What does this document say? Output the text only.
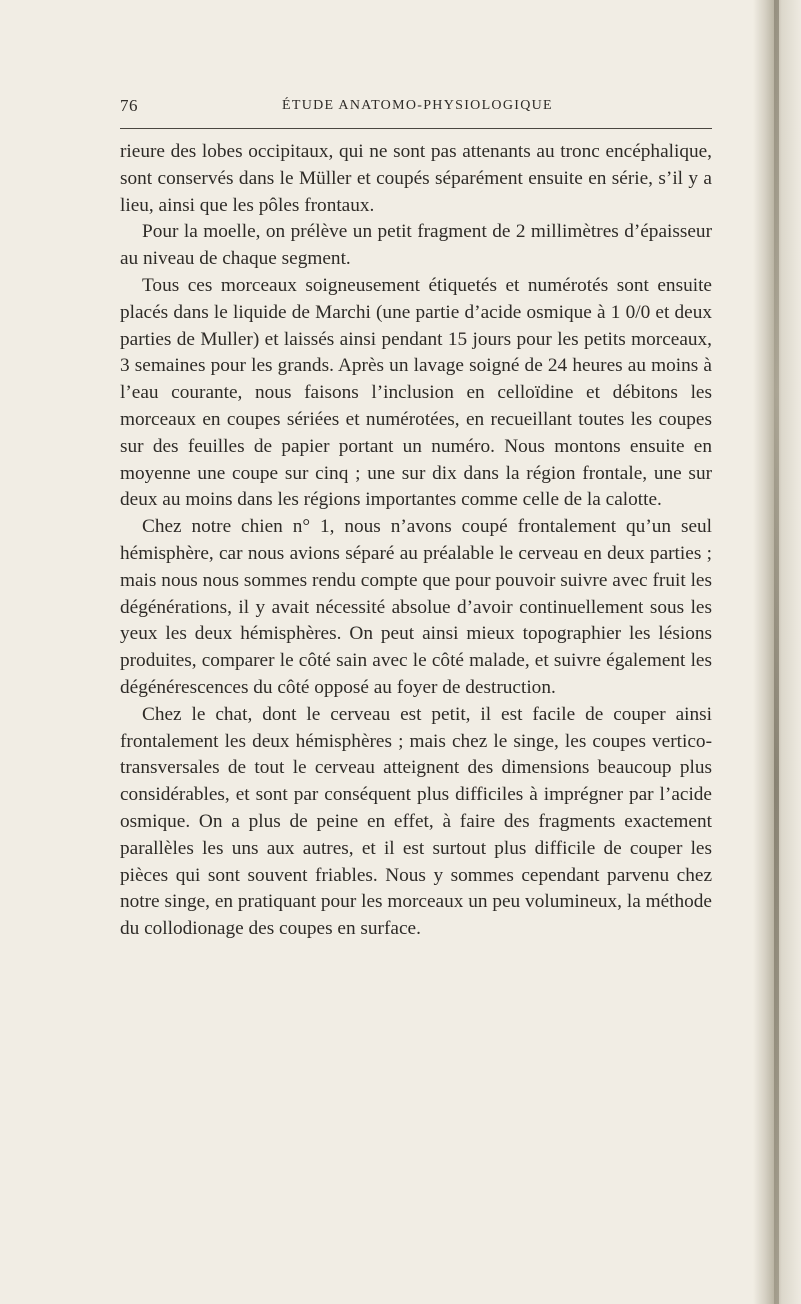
76	ÉTUDE ANATOMO-PHYSIOLOGIQUE

rieure des lobes occipitaux, qui ne sont pas attenants au tronc encéphalique, sont conservés dans le Müller et coupés séparément ensuite en série, s’il y a lieu, ainsi que les pôles frontaux.

Pour la moelle, on prélève un petit fragment de 2 millimètres d’épaisseur au niveau de chaque segment.

Tous ces morceaux soigneusement étiquetés et numérotés sont ensuite placés dans le liquide de Marchi (une partie d’acide osmique à 1 0/0 et deux parties de Muller) et laissés ainsi pendant 15 jours pour les petits morceaux, 3 semaines pour les grands. Après un lavage soigné de 24 heures au moins à l’eau courante, nous faisons l’inclusion en celloïdine et débitons les morceaux en coupes sériées et numérotées, en recueillant toutes les coupes sur des feuilles de papier portant un numéro. Nous montons ensuite en moyenne une coupe sur cinq ; une sur dix dans la région frontale, une sur deux au moins dans les régions importantes comme celle de la calotte.

Chez notre chien n° 1, nous n’avons coupé frontalement qu’un seul hémisphère, car nous avions séparé au préalable le cerveau en deux parties ; mais nous nous sommes rendu compte que pour pouvoir suivre avec fruit les dégénérations, il y avait nécessité absolue d’avoir continuellement sous les yeux les deux hémisphères. On peut ainsi mieux topographier les lésions produites, comparer le côté sain avec le côté malade, et suivre également les dégénérescences du côté opposé au foyer de destruction.

Chez le chat, dont le cerveau est petit, il est facile de couper ainsi frontalement les deux hémisphères ; mais chez le singe, les coupes vertico-transversales de tout le cerveau atteignent des dimensions beaucoup plus considérables, et sont par conséquent plus difficiles à imprégner par l’acide osmique. On a plus de peine en effet, à faire des fragments exactement parallèles les uns aux autres, et il est surtout plus difficile de couper les pièces qui sont souvent friables. Nous y sommes cependant parvenu chez notre singe, en pratiquant pour les morceaux un peu volumineux, la méthode du collodionage des coupes en surface.
